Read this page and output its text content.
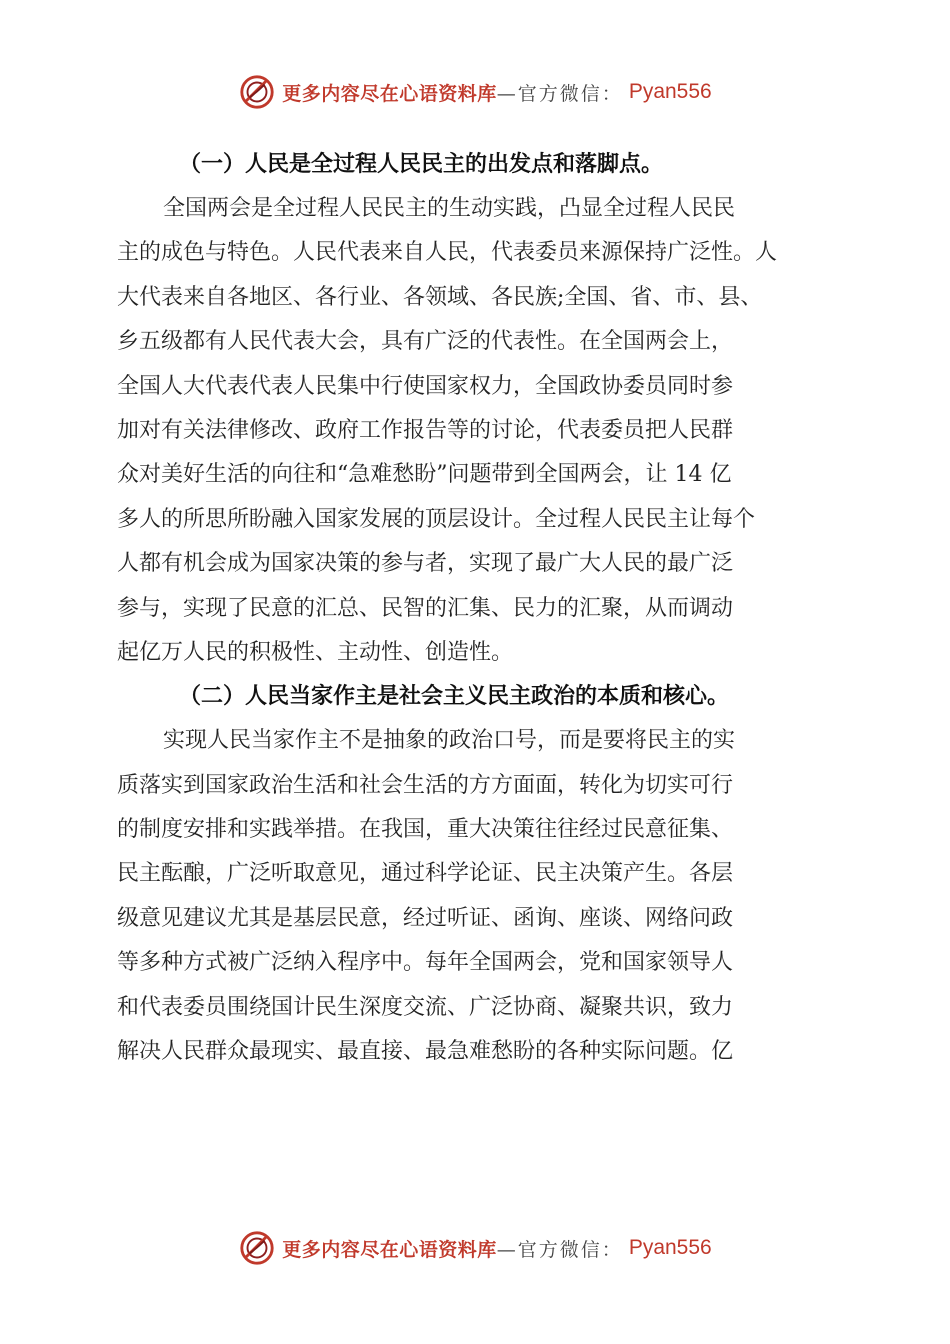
更多内容尽在心语资料库 —官方微信： Pyan556
（一）人民是全过程人民民主的出发点和落脚点。
全国两会是全过程人民民主的生动实践，凸显全过程人民民
主的成色与特色。人民代表来自人民，代表委员来源保持广泛性。人
大代表来自各地区、各行业、各领域、各民族;全国、省、市、县、
乡五级都有人民代表大会，具有广泛的代表性。在全国两会上，
全国人大代表代表人民集中行使国家权力，全国政协委员同时参
加对有关法律修改、政府工作报告等的讨论，代表委员把人民群
众对美好生活的向往和“急难愁盼”问题带到全国两会，让 14 亿
多人的所思所盼融入国家发展的顶层设计。全过程人民民主让每个
人都有机会成为国家决策的参与者，实现了最广大人民的最广泛
参与，实现了民意的汇总、民智的汇集、民力的汇聚，从而调动
起亿万人民的积极性、主动性、创造性。
（二）人民当家作主是社会主义民主政治的本质和核心。
实现人民当家作主不是抽象的政治口号，而是要将民主的实
质落实到国家政治生活和社会生活的方方面面，转化为切实可行
的制度安排和实践举措。在我国，重大决策往往经过民意征集、
民主酝酿，广泛听取意见，通过科学论证、民主决策产生。各层
级意见建议尤其是基层民意，经过听证、函询、座谈、网络问政
等多种方式被广泛纳入程序中。每年全国两会，党和国家领导人
和代表委员围绕国计民生深度交流、广泛协商、凝聚共识，致力
解决人民群众最现实、最直接、最急难愁盼的各种实际问题。亿
更多内容尽在心语资料库 —官方微信： Pyan556
